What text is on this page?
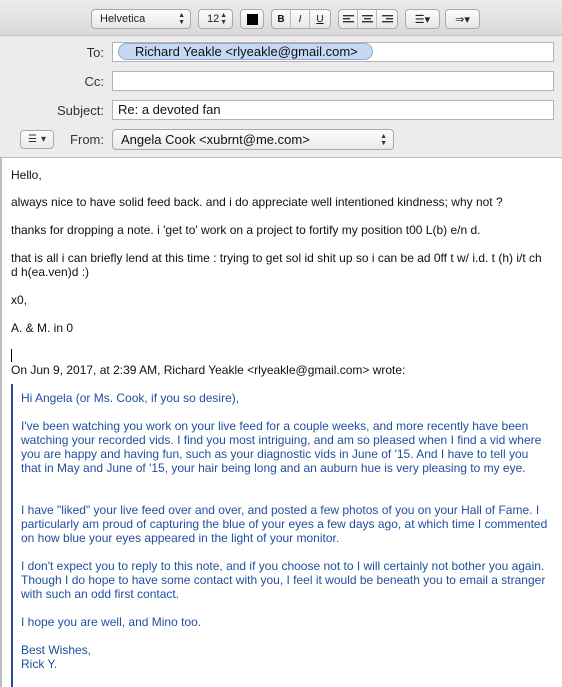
Helvetica	▲
▼ 12 ▲
▼	B	I	U	☰▾ ⇒▾
To:	Richard Yeakle <rlyeakle@gmail.com>
Cc:
Subject:	Re: a devoted fan
☰ ▾	From:	Angela Cook <xubrnt@me.com>	▲
▼
Hello,
always nice to have solid feed back. and i do appreciate well intentioned kindness; why not ?
thanks for dropping a note. i 'get to' work on a project to fortify my position t00 L(b) e/n d.
that is all i can briefly lend at this time : trying to get sol id shit up so i can be ad 0ff t w/ i.d. t (h) i/t ch d h(ea.ven)d :)
x0,
A. & M. in 0
On Jun 9, 2017, at 2:39 AM, Richard Yeakle <rlyeakle@gmail.com> wrote:
Hi Angela (or Ms. Cook, if you so desire),
I've been watching you work on your live feed for a couple weeks, and more recently have been watching your recorded vids. I find you most intriguing, and am so pleased when I find a vid where you are happy and having fun, such as your diagnostic vids in June of '15. And I have to tell you that in May and June of '15, your hair being long and an auburn hue is very pleasing to my eye.
I have "liked" your live feed over and over, and posted a few photos of you on your Hall of Fame. I particularly am proud of capturing the blue of your eyes a few days ago, at which time I commented on how blue your eyes appeared in the light of your monitor.
I don't expect you to reply to this note, and if you choose not to I will certainly not bother you again. Though I do hope to have some contact with you, I feel it would be beneath you to email a stranger with such an odd first contact.
I hope you are well, and Mino too.
Best Wishes,
Rick Y.
